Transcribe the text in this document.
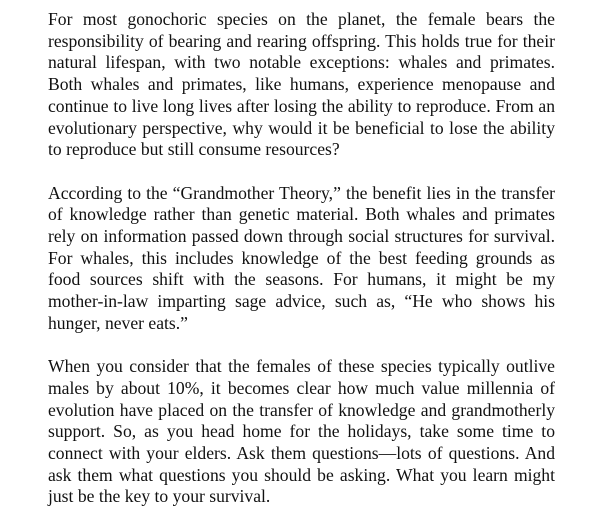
For most gonochoric species on the planet, the female bears the responsibility of bearing and rearing offspring. This holds true for their natural lifespan, with two notable exceptions: whales and primates. Both whales and primates, like humans, experience menopause and continue to live long lives after losing the ability to reproduce. From an evolutionary perspective, why would it be beneficial to lose the ability to reproduce but still consume resources?

According to the “Grandmother Theory,” the benefit lies in the transfer of knowledge rather than genetic material. Both whales and primates rely on information passed down through social structures for survival. For whales, this includes knowledge of the best feeding grounds as food sources shift with the seasons. For humans, it might be my mother-in-law imparting sage advice, such as, “He who shows his hunger, never eats.”

When you consider that the females of these species typically outlive males by about 10%, it becomes clear how much value millennia of evolution have placed on the transfer of knowledge and grandmotherly support. So, as you head home for the holidays, take some time to connect with your elders. Ask them questions—lots of questions. And ask them what questions you should be asking. What you learn might just be the key to your survival.
